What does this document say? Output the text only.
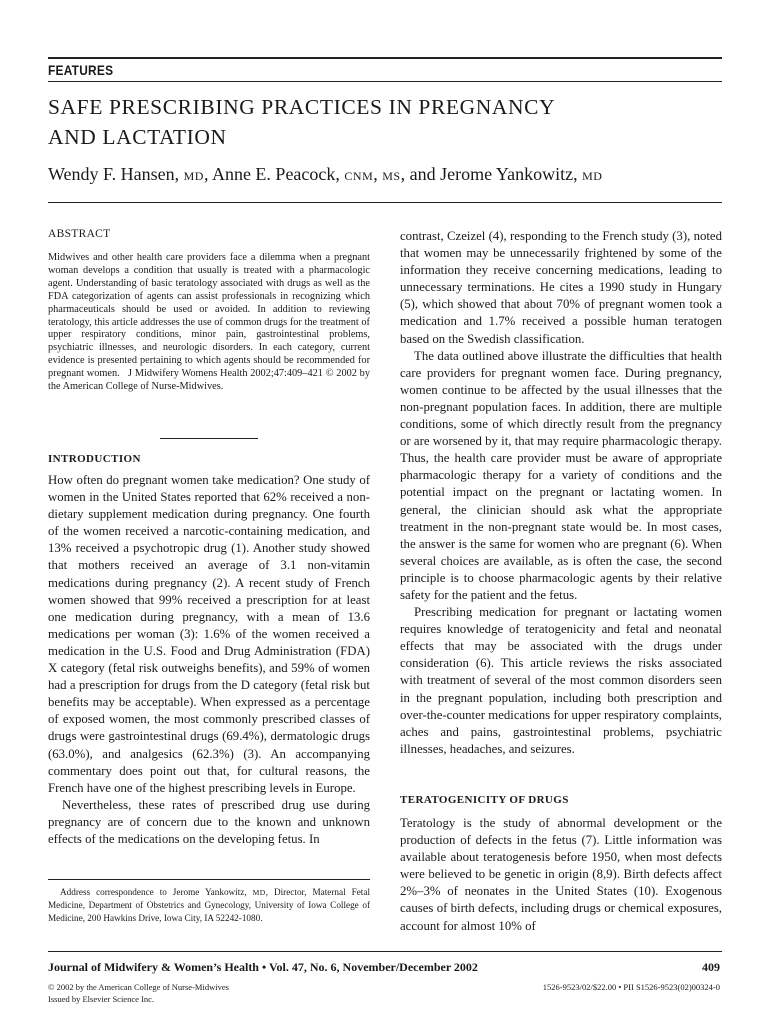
FEATURES
SAFE PRESCRIBING PRACTICES IN PREGNANCY
AND LACTATION
Wendy F. Hansen, MD, Anne E. Peacock, CNM, MS, and Jerome Yankowitz, MD
ABSTRACT
Midwives and other health care providers face a dilemma when a pregnant woman develops a condition that usually is treated with a pharmacologic agent. Understanding of basic teratology associated with drugs as well as the FDA categorization of agents can assist professionals in recognizing which pharmaceuticals should be used or avoided. In addition to reviewing teratology, this article addresses the use of common drugs for the treatment of upper respiratory conditions, minor pain, gastrointestinal problems, psychiatric illnesses, and neurologic disorders. In each category, current evidence is presented pertaining to which agents should be recommended for pregnant women. J Midwifery Womens Health 2002;47:409–421 © 2002 by the American College of Nurse-Midwives.
INTRODUCTION

How often do pregnant women take medication? One study of women in the United States reported that 62% received a non-dietary supplement medication during pregnancy. One fourth of the women received a narcotic-containing medication, and 13% received a psychotropic drug (1). Another study showed that mothers received an average of 3.1 non-vitamin medications during pregnancy (2). A recent study of French women showed that 99% received a prescription for at least one medication during pregnancy, with a mean of 13.6 medications per woman (3): 1.6% of the women received a medication in the U.S. Food and Drug Administration (FDA) X category (fetal risk outweighs benefits), and 59% of women had a prescription for drugs from the D category (fetal risk but benefits may be acceptable). When expressed as a percentage of exposed women, the most commonly prescribed classes of drugs were gastrointestinal drugs (69.4%), dermatologic drugs (63.0%), and analgesics (62.3%) (3). An accompanying commentary does point out that, for cultural reasons, the French have one of the highest prescribing levels in Europe.

Nevertheless, these rates of prescribed drug use during pregnancy are of concern due to the known and unknown effects of the medications on the developing fetus. In

Address correspondence to Jerome Yankowitz, MD, Director, Maternal Fetal Medicine, Department of Obstetrics and Gynecology, University of Iowa College of Medicine, 200 Hawkins Drive, Iowa City, IA 52242-1080.

contrast, Czeizel (4), responding to the French study (3), noted that women may be unnecessarily frightened by some of the information they receive concerning medications, leading to unnecessary terminations. He cites a 1990 study in Hungary (5), which showed that about 70% of pregnant women took a medication and 1.7% received a possible human teratogen based on the Swedish classification.

The data outlined above illustrate the difficulties that health care providers for pregnant women face. During pregnancy, women continue to be affected by the usual illnesses that the non-pregnant population faces. In addition, there are multiple conditions, some of which directly result from the pregnancy or are worsened by it, that may require pharmacologic therapy. Thus, the health care provider must be aware of appropriate pharmacologic therapy for a variety of conditions and the potential impact on the pregnant or lactating women. In general, the clinician should ask what the appropriate treatment in the non-pregnant state would be. In most cases, the answer is the same for women who are pregnant (6). When several choices are available, as is often the case, the second principle is to choose pharmacologic agents by their relative safety for the patient and the fetus.

Prescribing medication for pregnant or lactating women requires knowledge of teratogenicity and fetal and neonatal effects that may be associated with the drugs under consideration (6). This article reviews the risks associated with treatment of several of the most common disorders seen in the pregnant population, including both prescription and over-the-counter medications for upper respiratory complaints, aches and pains, gastrointestinal problems, psychiatric illnesses, headaches, and seizures.

TERATOGENICITY OF DRUGS

Teratology is the study of abnormal development or the production of defects in the fetus (7). Little information was available about teratogenesis before 1950, when most defects were believed to be genetic in origin (8,9). Birth defects affect 2%–3% of neonates in the United States (10). Exogenous causes of birth defects, including drugs or chemical exposures, account for almost 10% of

Journal of Midwifery & Women’s Health • Vol. 47, No. 6, November/December 2002	409
© 2002 by the American College of Nurse-Midwives
Issued by Elsevier Science Inc.
1526-9523/02/$22.00 • PII S1526-9523(02)00324-0
